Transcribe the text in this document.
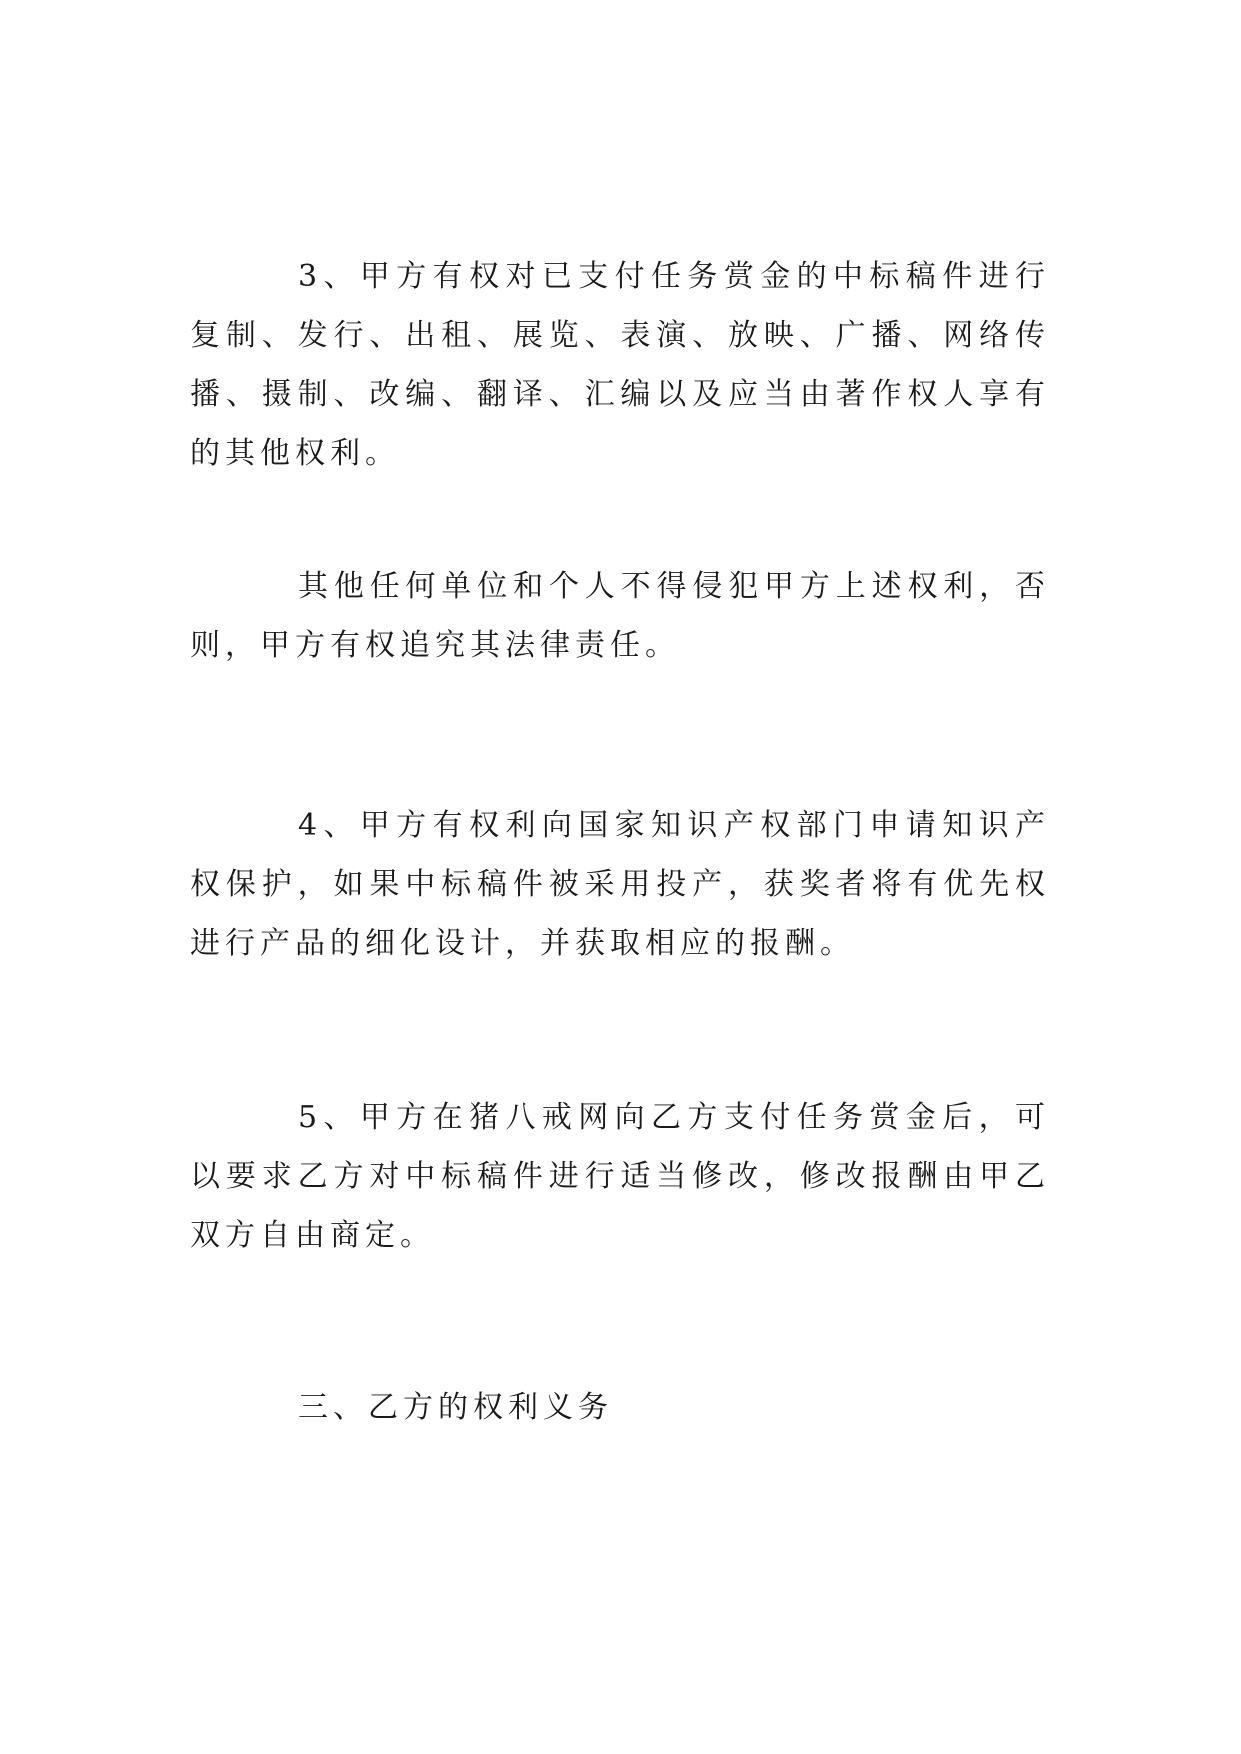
3、甲方有权对已支付任务赏金的中标稿件进行复制、发行、出租、展览、表演、放映、广播、网络传播、摄制、改编、翻译、汇编以及应当由著作权人享有的其他权利。

其他任何单位和个人不得侵犯甲方上述权利，否则，甲方有权追究其法律责任。

4、甲方有权利向国家知识产权部门申请知识产权保护，如果中标稿件被采用投产，获奖者将有优先权进行产品的细化设计，并获取相应的报酬。

5、甲方在猪八戒网向乙方支付任务赏金后，可以要求乙方对中标稿件进行适当修改，修改报酬由甲乙双方自由商定。

三、乙方的权利义务
